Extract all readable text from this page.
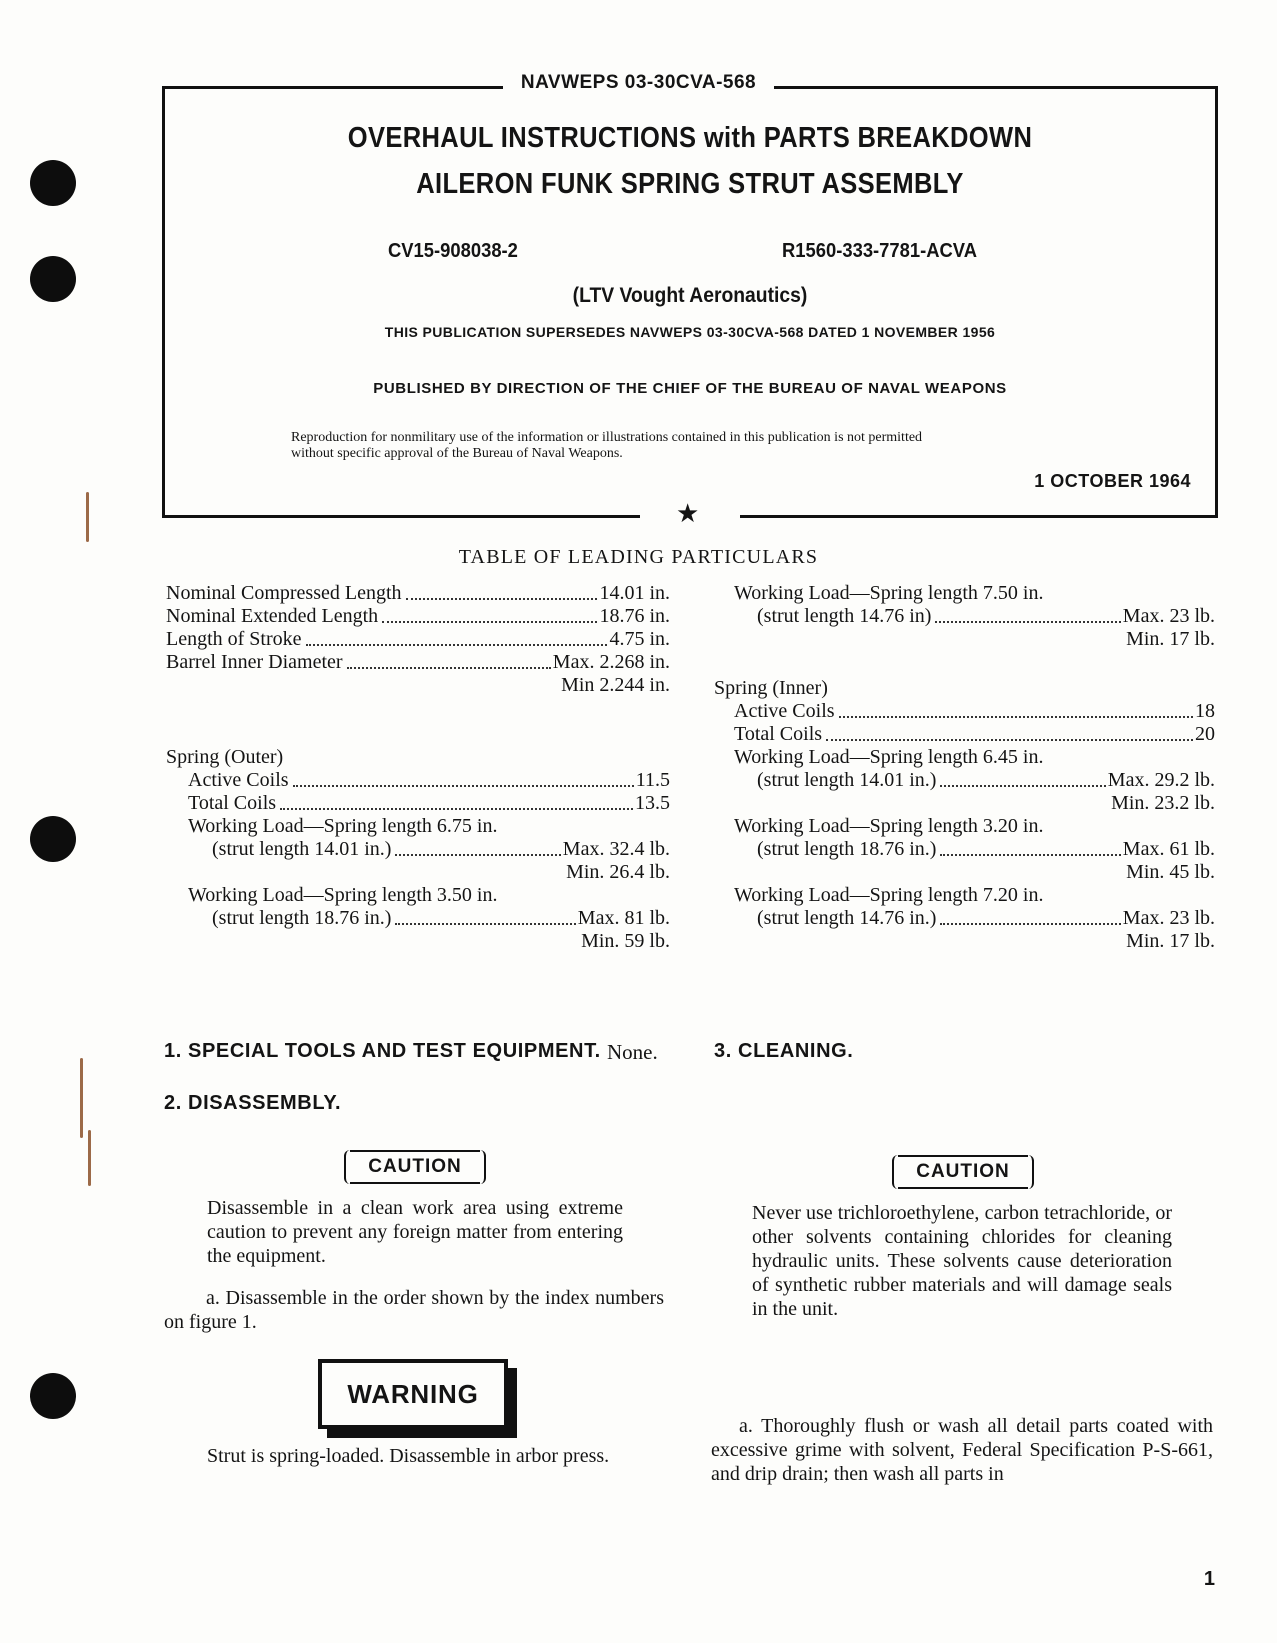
NAVWEPS 03-30CVA-568
OVERHAUL INSTRUCTIONS with PARTS BREAKDOWN
AILERON FUNK SPRING STRUT ASSEMBLY
CV15-908038-2	R1560-333-7781-ACVA
(LTV Vought Aeronautics)
THIS PUBLICATION SUPERSEDES NAVWEPS 03-30CVA-568 DATED 1 NOVEMBER 1956
PUBLISHED BY DIRECTION OF THE CHIEF OF THE BUREAU OF NAVAL WEAPONS
Reproduction for nonmilitary use of the information or illustrations contained in this publication is not permitted
without specific approval of the Bureau of Naval Weapons.
1 OCTOBER 1964
★
TABLE OF LEADING PARTICULARS
Nominal Compressed Length	14.01 in.
Nominal Extended Length	18.76 in.
Length of Stroke	4.75 in.
Barrel Inner Diameter	Max. 2.268 in.
Min 2.244 in.
Spring (Outer)
Active Coils	11.5
Total Coils	13.5
Working Load—Spring length 6.75 in.
(strut length 14.01 in.)	Max. 32.4 lb.
Min. 26.4 lb.
Working Load—Spring length 3.50 in.
(strut length 18.76 in.)	Max. 81 lb.
Min. 59 lb.
Working Load—Spring length 7.50 in.
(strut length 14.76 in)	Max. 23 lb.
Min. 17 lb.
Spring (Inner)
Active Coils	18
Total Coils	20
Working Load—Spring length 6.45 in.
(strut length 14.01 in.)	Max. 29.2 lb.
Min. 23.2 lb.
Working Load—Spring length 3.20 in.
(strut length 18.76 in.)	Max. 61 lb.
Min. 45 lb.
Working Load—Spring length 7.20 in.
(strut length 14.76 in.)	Max. 23 lb.
Min. 17 lb.
1. SPECIAL TOOLS AND TEST EQUIPMENT. None.	3. CLEANING.
2. DISASSEMBLY.
CAUTION
Disassemble in a clean work area using extreme caution to prevent any foreign matter from entering the equipment.
a. Disassemble in the order shown by the index numbers on figure 1.
WARNING
Strut is spring-loaded. Disassemble in arbor press.
CAUTION
Never use trichloroethylene, carbon tetrachloride, or other solvents containing chlorides for cleaning hydraulic units. These solvents cause deterioration of synthetic rubber materials and will damage seals in the unit.
a. Thoroughly flush or wash all detail parts coated with excessive grime with solvent, Federal Specification P-S-661, and drip drain; then wash all parts in
1
